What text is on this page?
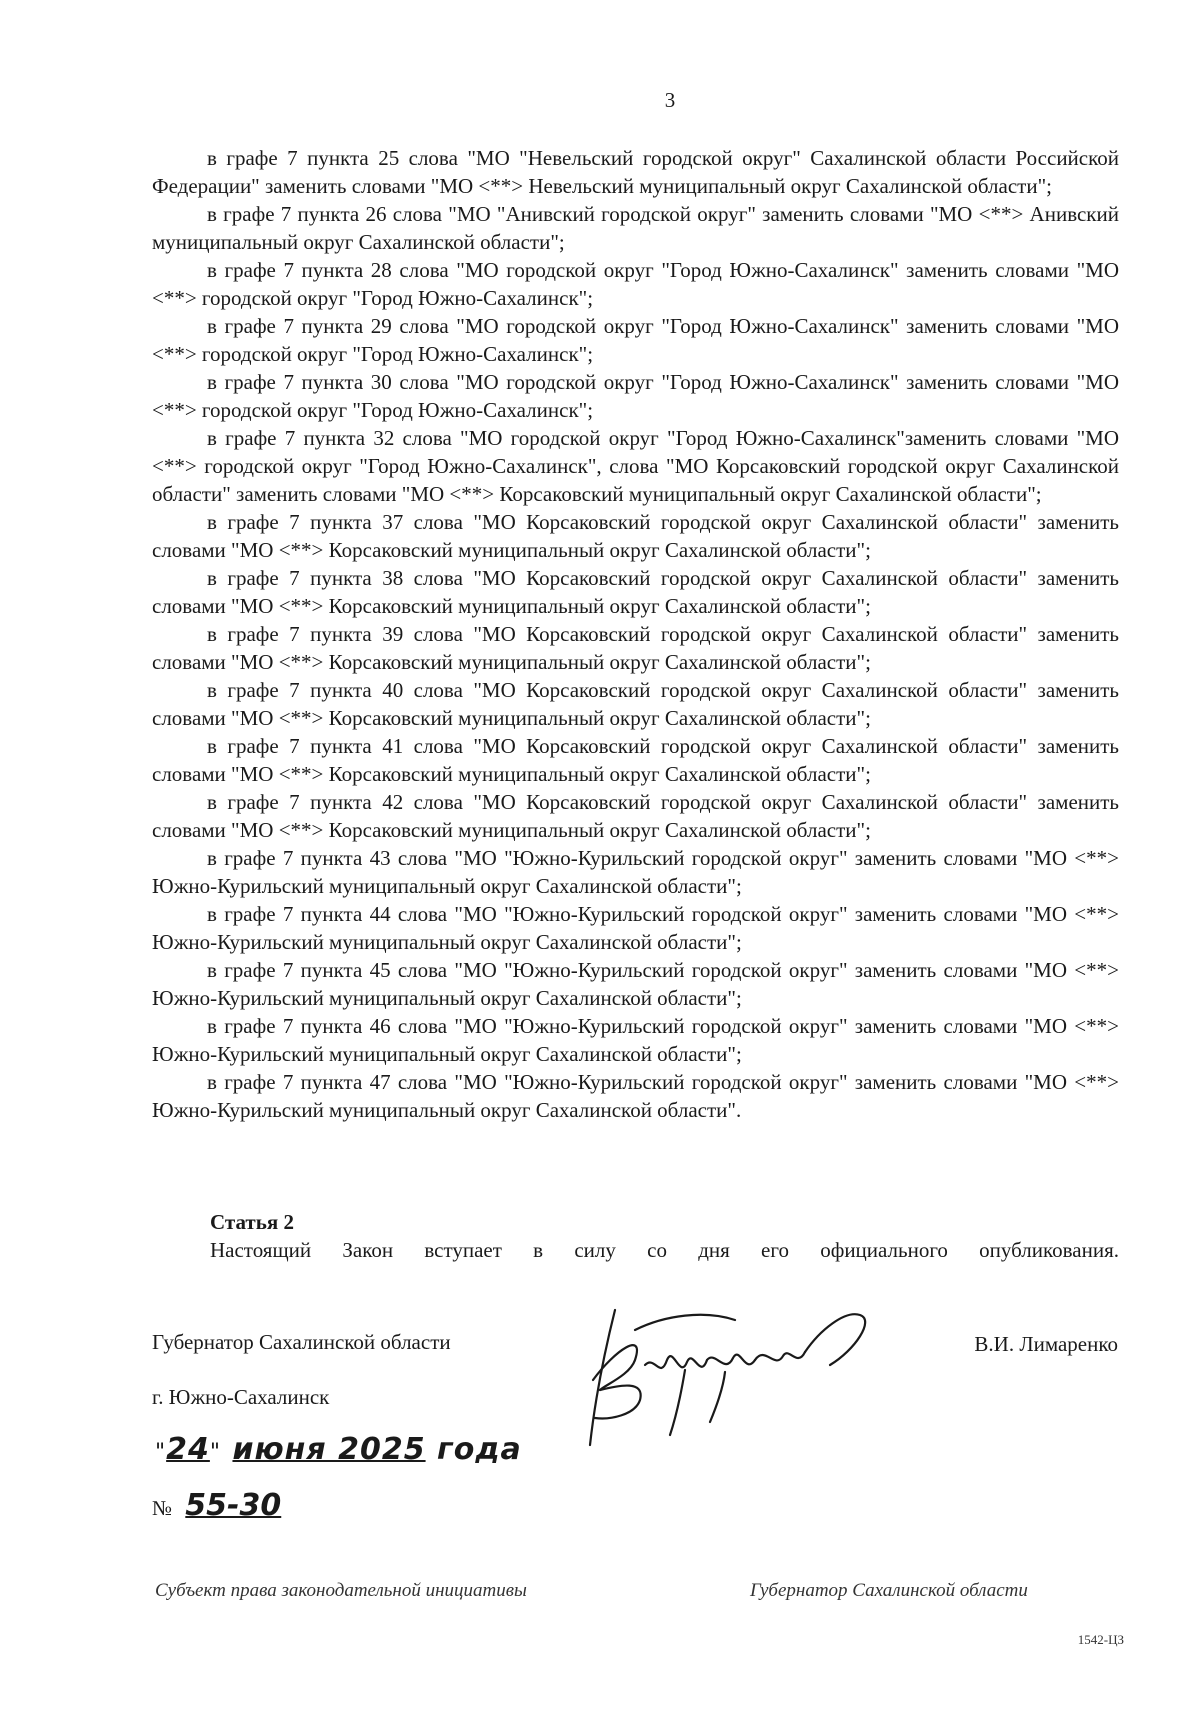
3

в графе 7 пункта 25 слова "МО "Невельский городской округ" Сахалинской области Российской Федерации" заменить словами "МО <**> Невельский муниципальный округ Сахалинской области";

в графе 7 пункта 26 слова "МО "Анивский городской округ" заменить словами "МО <**> Анивский муниципальный округ Сахалинской области";

в графе 7 пункта 28 слова "МО городской округ "Город Южно-Сахалинск" заменить словами "МО <**> городской округ "Город Южно-Сахалинск";

в графе 7 пункта 29 слова "МО городской округ "Город Южно-Сахалинск" заменить словами "МО <**> городской округ "Город Южно-Сахалинск";

в графе 7 пункта 30 слова "МО городской округ "Город Южно-Сахалинск" заменить словами "МО <**> городской округ "Город Южно-Сахалинск";

в графе 7 пункта 32 слова "МО городской округ "Город Южно-Сахалинск"заменить словами "МО <**> городской округ "Город Южно-Сахалинск", слова "МО Корсаковский городской округ Сахалинской области" заменить словами "МО <**> Корсаковский муниципальный округ Сахалинской области";

в графе 7 пункта 37 слова "МО Корсаковский городской округ Сахалинской области" заменить словами "МО <**> Корсаковский муниципальный округ Сахалинской области";

в графе 7 пункта 38 слова "МО Корсаковский городской округ Сахалинской области" заменить словами "МО <**> Корсаковский муниципальный округ Сахалинской области";

в графе 7 пункта 39 слова "МО Корсаковский городской округ Сахалинской области" заменить словами "МО <**> Корсаковский муниципальный округ Сахалинской области";

в графе 7 пункта 40 слова "МО Корсаковский городской округ Сахалинской области" заменить словами "МО <**> Корсаковский муниципальный округ Сахалинской области";

в графе 7 пункта 41 слова "МО Корсаковский городской округ Сахалинской области" заменить словами "МО <**> Корсаковский муниципальный округ Сахалинской области";

в графе 7 пункта 42 слова "МО Корсаковский городской округ Сахалинской области" заменить словами "МО <**> Корсаковский муниципальный округ Сахалинской области";

в графе 7 пункта 43 слова "МО "Южно-Курильский городской округ" заменить словами "МО <**> Южно-Курильский муниципальный округ Сахалинской области";

в графе 7 пункта 44 слова "МО "Южно-Курильский городской округ" заменить словами "МО <**> Южно-Курильский муниципальный округ Сахалинской области";

в графе 7 пункта 45 слова "МО "Южно-Курильский городской округ" заменить словами "МО <**> Южно-Курильский муниципальный округ Сахалинской области";

в графе 7 пункта 46 слова "МО "Южно-Курильский городской округ" заменить словами "МО <**> Южно-Курильский муниципальный округ Сахалинской области";

в графе 7 пункта 47 слова "МО "Южно-Курильский городской округ" заменить словами "МО <**> Южно-Курильский муниципальный округ Сахалинской области".

Статья 2
Настоящий Закон вступает в силу со дня его официального опубликования.
Губернатор Сахалинской области	В.И. Лимаренко
г. Южно-Сахалинск
"24" июня 2025 года
№ 55-30
Субъект права законодательной инициативы	Губернатор Сахалинской области
1542-ЦЗ
